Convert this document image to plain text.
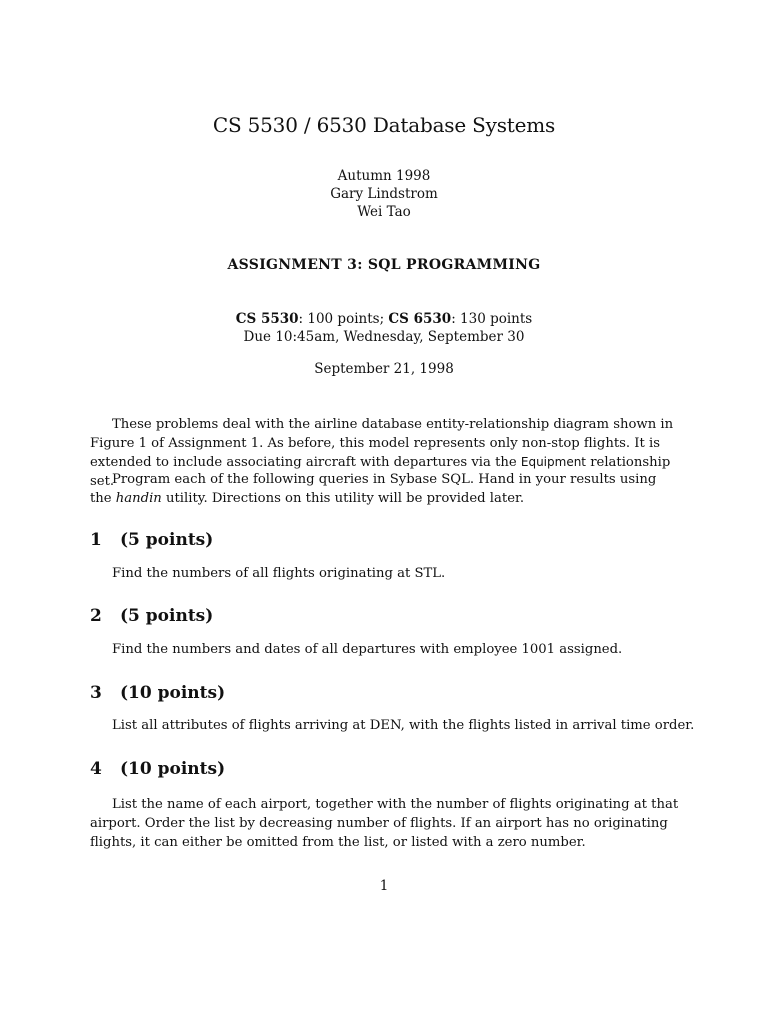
CS 5530 / 6530 Database Systems
Autumn 1998
Gary Lindstrom
Wei Tao
ASSIGNMENT 3: SQL PROGRAMMING
CS 5530: 100 points; CS 6530: 130 points
Due 10:45am, Wednesday, September 30
September 21, 1998
These problems deal with the airline database entity-relationship diagram shown in Figure 1 of Assignment 1. As before, this model represents only non-stop flights. It is extended to include associating aircraft with departures via the Equipment relationship set.
Program each of the following queries in Sybase SQL. Hand in your results using the handin utility. Directions on this utility will be provided later.
1 (5 points)
Find the numbers of all flights originating at STL.
2 (5 points)
Find the numbers and dates of all departures with employee 1001 assigned.
3 (10 points)
List all attributes of flights arriving at DEN, with the flights listed in arrival time order.
4 (10 points)
List the name of each airport, together with the number of flights originating at that airport. Order the list by decreasing number of flights. If an airport has no originating flights, it can either be omitted from the list, or listed with a zero number.
1
